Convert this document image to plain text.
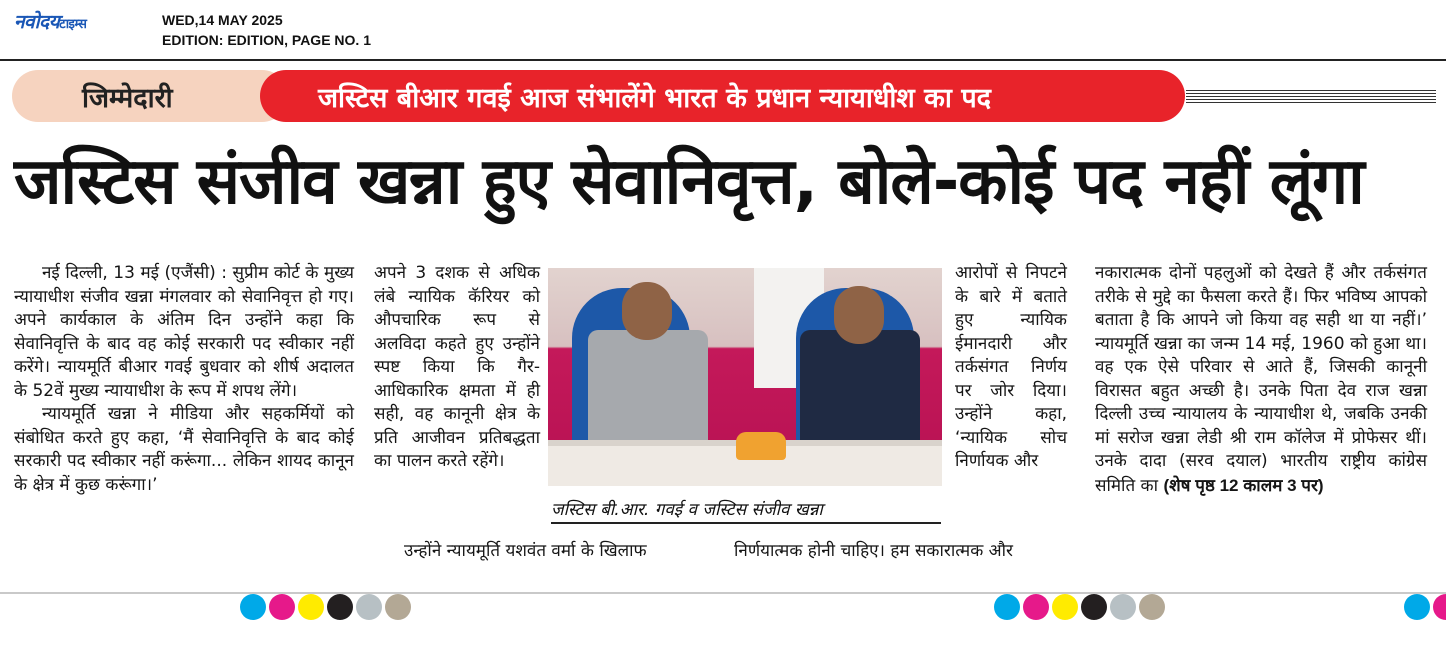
नवोदयटाइम्स	WED,14 MAY 2025
EDITION: EDITION, PAGE NO. 1
जिम्मेदारी	जस्टिस बीआर गवई आज संभालेंगे भारत के प्रधान न्यायाधीश का पद
जस्टिस संजीव खन्ना हुए सेवानिवृत्त, बोले-कोई पद नहीं लूंगा

नई दिल्ली, 13 मई (एजैंसी) : सुप्रीम कोर्ट के मुख्य न्यायाधीश संजीव खन्ना मंगलवार को सेवानिवृत्त हो गए। अपने कार्यकाल के अंतिम दिन उन्होंने कहा कि सेवानिवृत्ति के बाद वह कोई सरकारी पद स्वीकार नहीं करेंगे। न्यायमूर्ति बीआर गवई बुधवार को शीर्ष अदालत के 52वें मुख्य न्यायाधीश के रूप में शपथ लेंगे।

न्यायमूर्ति खन्ना ने मीडिया और सहकर्मियों को संबोधित करते हुए कहा, ‘मैं सेवानिवृत्ति के बाद कोई सरकारी पद स्वीकार नहीं करूंगा... लेकिन शायद कानून के क्षेत्र में कुछ करूंगा।’

अपने 3 दशक से अधिक लंबे न्यायिक कॅरियर को औपचारिक रूप से अलविदा कहते हुए उन्होंने स्पष्ट किया कि गैर-आधिकारिक क्षमता में ही सही, वह कानूनी क्षेत्र के प्रति आजीवन प्रतिबद्धता का पालन करते रहेंगे।

उन्होंने न्यायमूर्ति यशवंत वर्मा के खिलाफ
जस्टिस बी.आर. गवई व जस्टिस संजीव खन्ना

आरोपों से निपटने के बारे में बताते हुए न्यायिक ईमानदारी और तर्कसंगत निर्णय पर जोर दिया। उन्होंने कहा, ‘न्यायिक सोच निर्णायक और

निर्णयात्मक होनी चाहिए। हम सकारात्मक और

नकारात्मक दोनों पहलुओं को देखते हैं और तर्कसंगत तरीके से मुद्दे का फैसला करते हैं। फिर भविष्य आपको बताता है कि आपने जो किया वह सही था या नहीं।’ न्यायमूर्ति खन्ना का जन्म 14 मई, 1960 को हुआ था। वह एक ऐसे परिवार से आते हैं, जिसकी कानूनी विरासत बहुत अच्छी है। उनके पिता देव राज खन्ना दिल्ली उच्च न्यायालय के न्यायाधीश थे, जबकि उनकी मां सरोज खन्ना लेडी श्री राम कॉलेज में प्रोफेसर थीं। उनके दादा (सरव दयाल) भारतीय राष्ट्रीय कांग्रेस समिति का (शेष पृष्ठ 12 कालम 3 पर)
